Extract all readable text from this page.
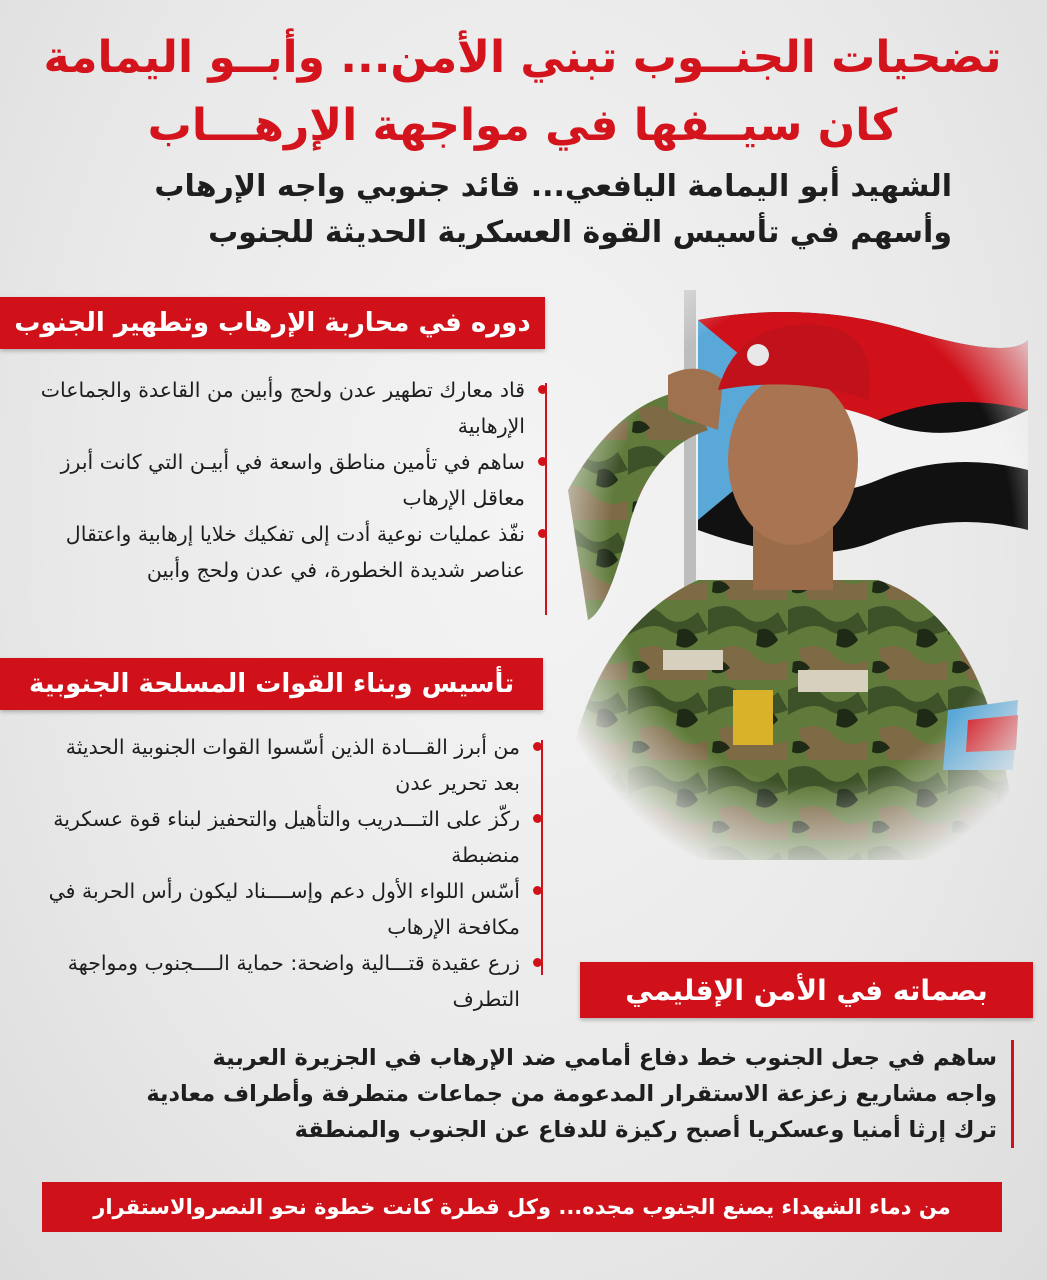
تضحيات الجنــوب تبني الأمن... وأبــو اليمامة
كان سيــفها في مواجهة الإرهـــاب
الشهيد أبو اليمامة اليافعي... قائد جنوبي واجه الإرهاب
وأسهم في تأسيس القوة العسكرية الحديثة للجنوب
دوره في محاربة الإرهاب وتطهير الجنوب

قاد معارك تطهير عدن ولحج وأبين من القاعدة والجماعات الإرهابية

ساهم في تأمين مناطق واسعة في أبيـن التي كانت أبرز معاقل الإرهاب

نفّذ عمليات نوعية أدت إلى تفكيك خلايا إرهابية واعتقال عناصر شديدة الخطورة، في عدن ولحج وأبين

تأسيس وبناء القوات المسلحة الجنوبية

من أبرز القـــادة الذين أسّسوا القوات الجنوبية الحديثة بعد تحرير عدن

ركّز على التـــدريب والتأهيل والتحفيز لبناء قوة عسكرية منضبطة

أسّس اللواء الأول دعم وإســــناد ليكون رأس الحربة في مكافحة الإرهاب

زرع عقيدة قتـــالية واضحة: حماية الــــجنوب ومواجهة التطرف	بصماته في الأمن الإقليمي
ساهم في جعل الجنوب خط دفاع أمامي ضد الإرهاب في الجزيرة العربية
واجه مشاريع زعزعة الاستقرار المدعومة من جماعات متطرفة وأطراف معادية
ترك إرثا أمنيا وعسكريا أصبح ركيزة للدفاع عن الجنوب والمنطقة
من دماء الشهداء يصنع الجنوب مجده... وكل قطرة كانت خطوة نحو النصروالاستقرار
